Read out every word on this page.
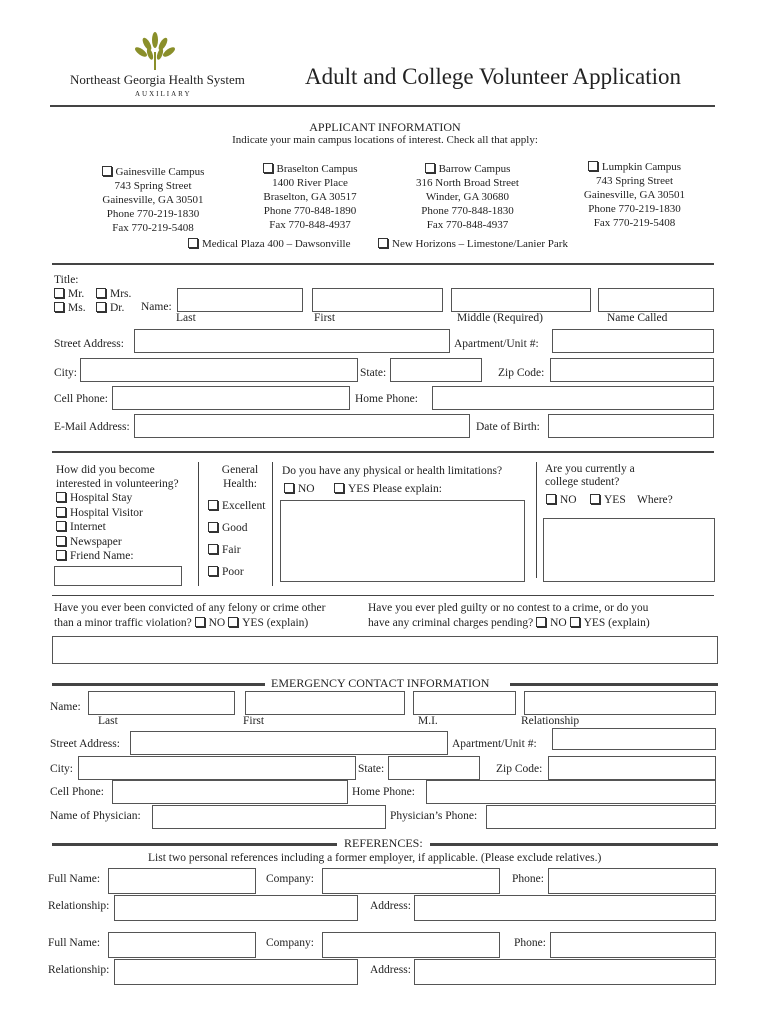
Northeast Georgia Health System
AUXILIARY
Adult and College Volunteer Application
APPLICANT INFORMATION
Indicate your main campus locations of interest. Check all that apply:
Gainesville Campus
743 Spring Street
Gainesville, GA 30501
Phone 770-219-1830
Fax 770-219-5408
Braselton Campus
1400 River Place
Braselton, GA 30517
Phone 770-848-1890
Fax 770-848-4937
Barrow Campus
316 North Broad Street
Winder, GA 30680
Phone 770-848-1830
Fax 770-848-4937
Lumpkin Campus
743 Spring Street
Gainesville, GA 30501
Phone 770-219-1830
Fax 770-219-5408
Medical Plaza 400 – Dawsonville	New Horizons – Limestone/Lanier Park
Title:
Mr.	Mrs.
Ms.	Dr. Name:
Last	First	Middle (Required)	Name Called
Street Address:	Apartment/Unit #:
City:	State:	Zip Code:
Cell Phone:	Home Phone:
E-Mail Address:	Date of Birth:
How did you become
interested in volunteering?
Hospital Stay
Hospital Visitor
Internet
Newspaper
Friend Name:
General
Health:
Excellent
Good
Fair
Poor
Do you have any physical or health limitations?
NO	YES Please explain:
Are you currently a
college student?
NO	YES Where?
Have you ever been convicted of any felony or crime other
than a minor traffic violation? NO YES (explain)
Have you ever pled guilty or no contest to a crime, or do you
have any criminal charges pending? NO YES (explain)
EMERGENCY CONTACT INFORMATION
Name:
Last	First	M.I.	Relationship
Street Address:	Apartment/Unit #:
City:	State:	Zip Code:
Cell Phone:	Home Phone:
Name of Physician:	Physician’s Phone:
REFERENCES:
List two personal references including a former employer, if applicable. (Please exclude relatives.)
Full Name:	Company:	Phone:
Relationship:	Address:
Full Name:	Company:	Phone:
Relationship:	Address:
